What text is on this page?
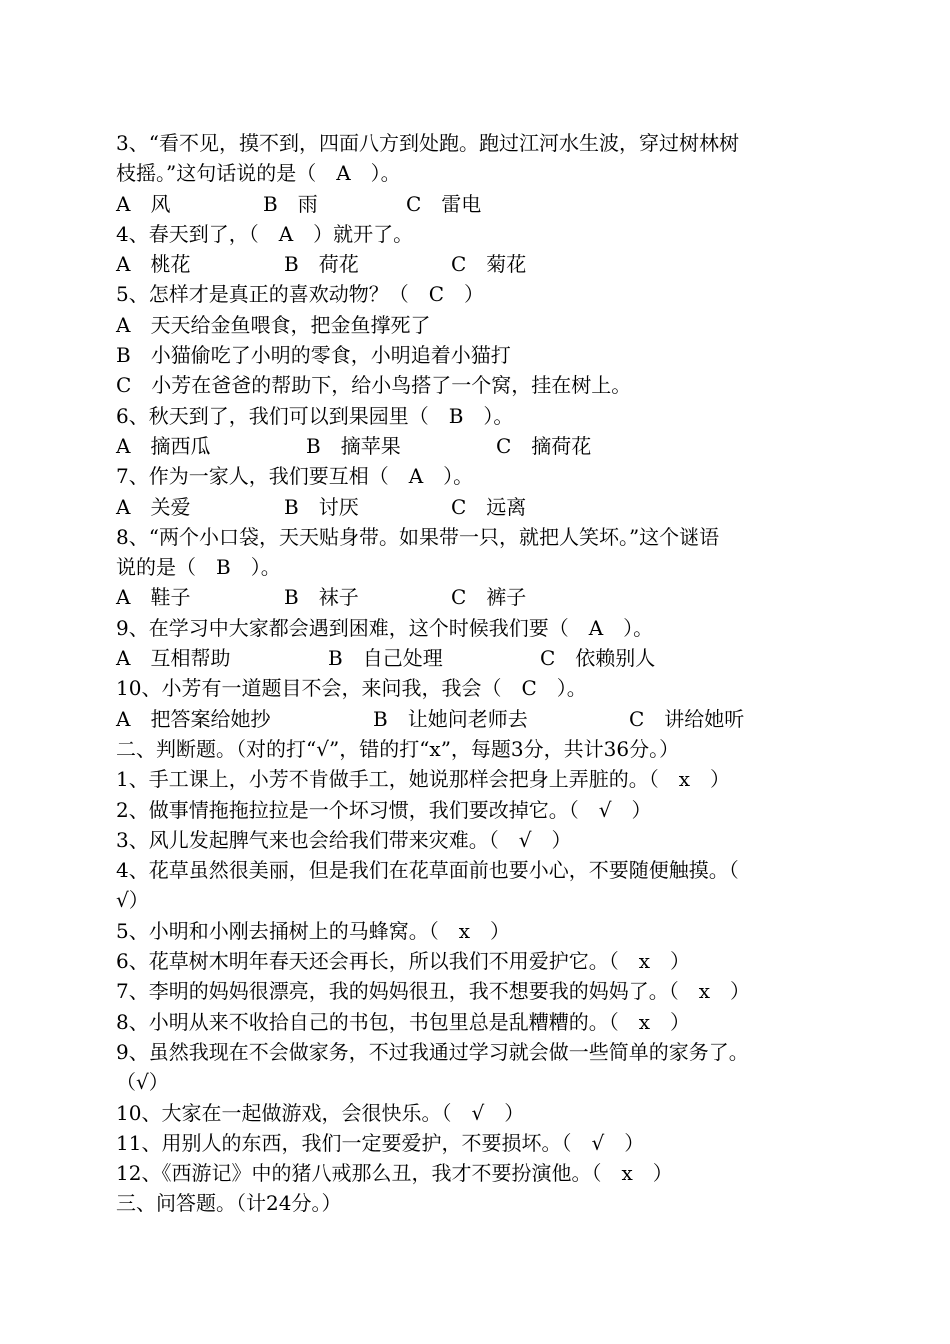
3、“看不见，摸不到，四面八方到处跑。跑过江河水生波，穿过树林树
枝摇。”这句话说的是（　A　）。
A　风	B　雨	C　雷电
4、春天到了，（　A　）就开了。
A　桃花	B　荷花	C　菊花
5、怎样才是真正的喜欢动物？（　C　）
A　天天给金鱼喂食，把金鱼撑死了
B　小猫偷吃了小明的零食，小明追着小猫打
C　小芳在爸爸的帮助下，给小鸟搭了一个窝，挂在树上。
6、秋天到了，我们可以到果园里（　B　）。
A　摘西瓜	B　摘苹果	C　摘荷花
7、作为一家人，我们要互相（　A　）。
A　关爱	B　讨厌	C　远离
8、“两个小口袋，天天贴身带。如果带一只，就把人笑坏。”这个谜语
说的是（　B　）。
A　鞋子	B　袜子	C　裤子
9、在学习中大家都会遇到困难，这个时候我们要（　A　）。
A　互相帮助	B　自己处理	C　依赖别人
10、小芳有一道题目不会，来问我，我会（　C　）。
A　把答案给她抄	B　让她问老师去	C　讲给她听
二、判断题。（对的打“√”，错的打“x”，每题3分，共计36分。）
1、手工课上，小芳不肯做手工，她说那样会把身上弄脏的。（　x　）
2、做事情拖拖拉拉是一个坏习惯，我们要改掉它。（　√　）
3、风儿发起脾气来也会给我们带来灾难。（　√　）
4、花草虽然很美丽，但是我们在花草面前也要小心，不要随便触摸。（
√）
5、小明和小刚去捅树上的马蜂窝。（　x　）
6、花草树木明年春天还会再长，所以我们不用爱护它。（　x　）
7、李明的妈妈很漂亮，我的妈妈很丑，我不想要我的妈妈了。（　x　）
8、小明从来不收拾自己的书包，书包里总是乱糟糟的。（　x　）
9、虽然我现在不会做家务，不过我通过学习就会做一些简单的家务了。
（√）
10、大家在一起做游戏，会很快乐。（　√　）
11、用别人的东西，我们一定要爱护，不要损坏。（　√　）
12、《西游记》中的猪八戒那么丑，我才不要扮演他。（　x　）
三、问答题。（计24分。）
